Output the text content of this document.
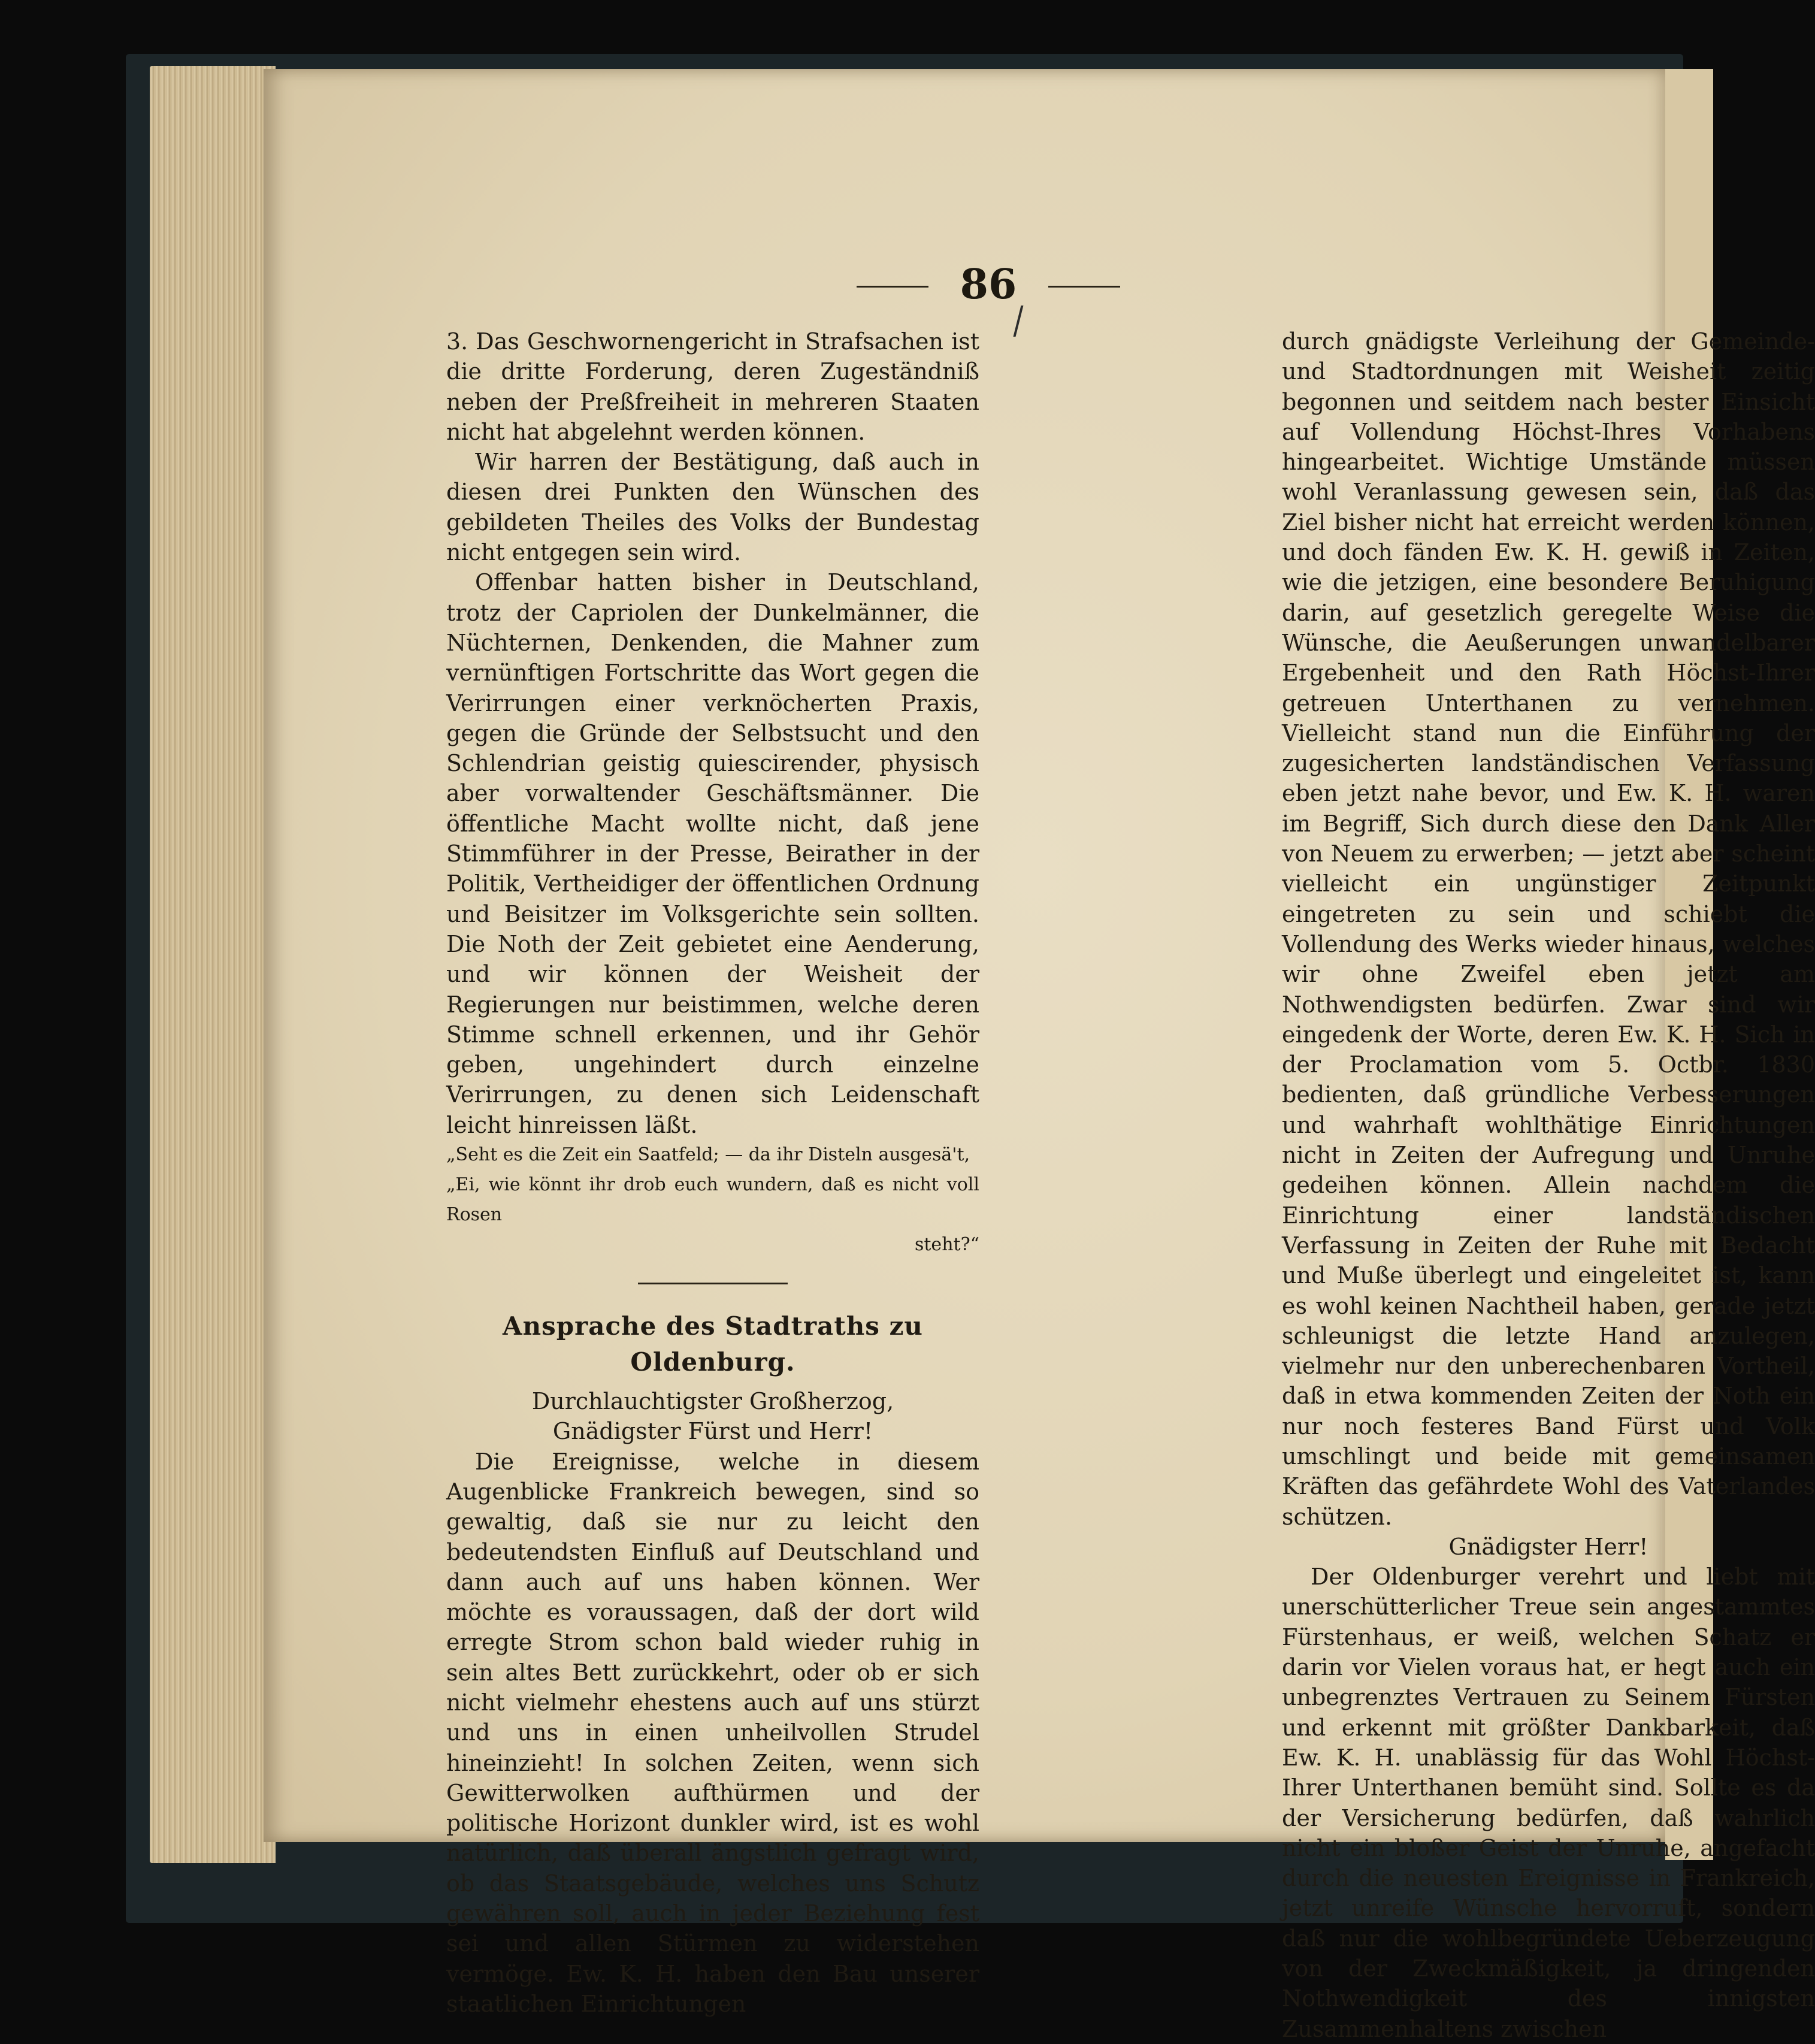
86

3. Das Geschwornengericht in Strafsachen ist die dritte Forderung, deren Zugeständniß neben der Preßfreiheit in mehreren Staaten nicht hat abgelehnt werden können.

Wir harren der Bestätigung, daß auch in diesen drei Punkten den Wünschen des gebildeten Theiles des Volks der Bundestag nicht entgegen sein wird.

Offenbar hatten bisher in Deutschland, trotz der Capriolen der Dunkelmänner, die Nüchternen, Denkenden, die Mahner zum vernünftigen Fortschritte das Wort gegen die Verirrungen einer verknöcherten Praxis, gegen die Gründe der Selbstsucht und den Schlendrian geistig quiescirender, physisch aber vorwaltender Geschäftsmänner. Die öffentliche Macht wollte nicht, daß jene Stimmführer in der Presse, Beirather in der Politik, Vertheidiger der öffentlichen Ordnung und Beisitzer im Volksgerichte sein sollten. Die Noth der Zeit gebietet eine Aenderung, und wir können der Weisheit der Regierungen nur beistimmen, welche deren Stimme schnell erkennen, und ihr Gehör geben, ungehindert durch einzelne Verirrungen, zu denen sich Leidenschaft leicht hinreissen läßt.

„Seht es die Zeit ein Saatfeld; — da ihr Disteln ausgesä't,
„Ei, wie könnt ihr drob euch wundern, daß es nicht voll Rosen
steht?“
Ansprache des Stadtraths zu Oldenburg.
Durchlauchtigster Großherzog,
Gnädigster Fürst und Herr!

Die Ereignisse, welche in diesem Augenblicke Frankreich bewegen, sind so gewaltig, daß sie nur zu leicht den bedeutendsten Einfluß auf Deutschland und dann auch auf uns haben können. Wer möchte es voraussagen, daß der dort wild erregte Strom schon bald wieder ruhig in sein altes Bett zurückkehrt, oder ob er sich nicht vielmehr ehestens auch auf uns stürzt und uns in einen unheilvollen Strudel hineinzieht! In solchen Zeiten, wenn sich Gewitterwolken aufthürmen und der politische Horizont dunkler wird, ist es wohl natürlich, daß überall ängstlich gefragt wird, ob das Staatsgebäude, welches uns Schutz gewähren soll, auch in jeder Beziehung fest sei und allen Stürmen zu widerstehen vermöge. Ew. K. H. haben den Bau unserer staatlichen Einrichtungen

durch gnädigste Verleihung der Gemeinde- und Stadtordnungen mit Weisheit zeitig begonnen und seitdem nach bester Einsicht auf Vollendung Höchst-Ihres Vorhabens hingearbeitet. Wichtige Umstände müssen wohl Veranlassung gewesen sein, daß das Ziel bisher nicht hat erreicht werden können, und doch fänden Ew. K. H. gewiß in Zeiten, wie die jetzigen, eine besondere Beruhigung darin, auf gesetzlich geregelte Weise die Wünsche, die Aeußerungen unwandelbarer Ergebenheit und den Rath Höchst-Ihrer getreuen Unterthanen zu vernehmen. Vielleicht stand nun die Einführung der zugesicherten landständischen Verfassung eben jetzt nahe bevor, und Ew. K. H. waren im Begriff, Sich durch diese den Dank Aller von Neuem zu erwerben; — jetzt aber scheint vielleicht ein ungünstiger Zeitpunkt eingetreten zu sein und schiebt die Vollendung des Werks wieder hinaus, welches wir ohne Zweifel eben jetzt am Nothwendigsten bedürfen. Zwar sind wir eingedenk der Worte, deren Ew. K. H. Sich in der Proclamation vom 5. Octbr. 1830 bedienten, daß gründliche Verbesserungen und wahrhaft wohlthätige Einrichtungen nicht in Zeiten der Aufregung und Unruhe gedeihen können. Allein nachdem die Einrichtung einer landständischen Verfassung in Zeiten der Ruhe mit Bedacht und Muße überlegt und eingeleitet ist, kann es wohl keinen Nachtheil haben, gerade jetzt schleunigst die letzte Hand anzulegen, vielmehr nur den unberechenbaren Vortheil, daß in etwa kommenden Zeiten der Noth ein nur noch festeres Band Fürst und Volk umschlingt und beide mit gemeinsamen Kräften das gefährdete Wohl des Vaterlandes schützen.

Gnädigster Herr!

Der Oldenburger verehrt und liebt mit unerschütterlicher Treue sein angestammtes Fürstenhaus, er weiß, welchen Schatz er darin vor Vielen voraus hat, er hegt auch ein unbegrenztes Vertrauen zu Seinem Fürsten und erkennt mit größter Dankbarkeit, daß Ew. K. H. unablässig für das Wohl Höchst-Ihrer Unterthanen bemüht sind. Sollte es da der Versicherung bedürfen, daß wahrlich nicht ein bloßer Geist der Unruhe, angefacht durch die neuesten Ereignisse in Frankreich, jetzt unreife Wünsche hervorruft, sondern daß nur die wohlbegründete Ueberzeugung von der Zweckmäßigkeit, ja dringenden Nothwendigkeit des innigsten Zusammenhaltens zwischen
